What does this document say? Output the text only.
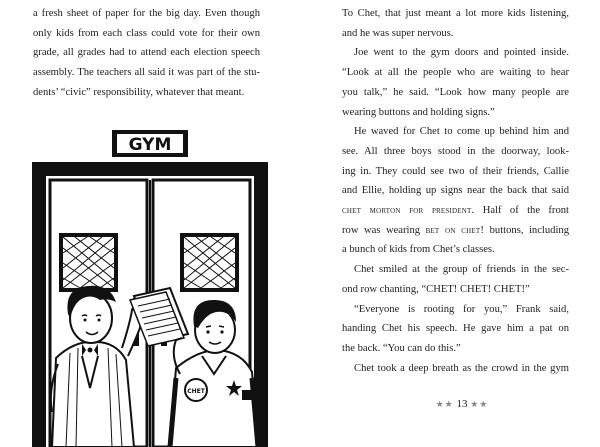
a fresh sheet of paper for the big day. Even though
only kids from each class could vote for their own
grade, all grades had to attend each election speech
assembly. The teachers all said it was part of the stu-
dents’ “civic” responsibility, whatever that meant.
GYM
CHET
To Chet, that just meant a lot more kids listening,
and he was super nervous.
Joe went to the gym doors and pointed inside.
“Look at all the people who are waiting to hear
you talk,” he said. “Look how many people are
wearing buttons and holding signs.”
He waved for Chet to come up behind him and
see. All three boys stood in the doorway, look-
ing in. They could see two of their friends, Callie
and Ellie, holding up signs near the back that said
chet morton for president. Half of the front
row was wearing bet on chet! buttons, including
a bunch of kids from Chet’s classes.
Chet smiled at the group of friends in the sec-
ond row chanting, “CHET! CHET! CHET!”
“Everyone is rooting for you,” Frank said,
handing Chet his speech. He gave him a pat on
the back. “You can do this.”
Chet took a deep breath as the crowd in the gym
★★ 13 ★★
